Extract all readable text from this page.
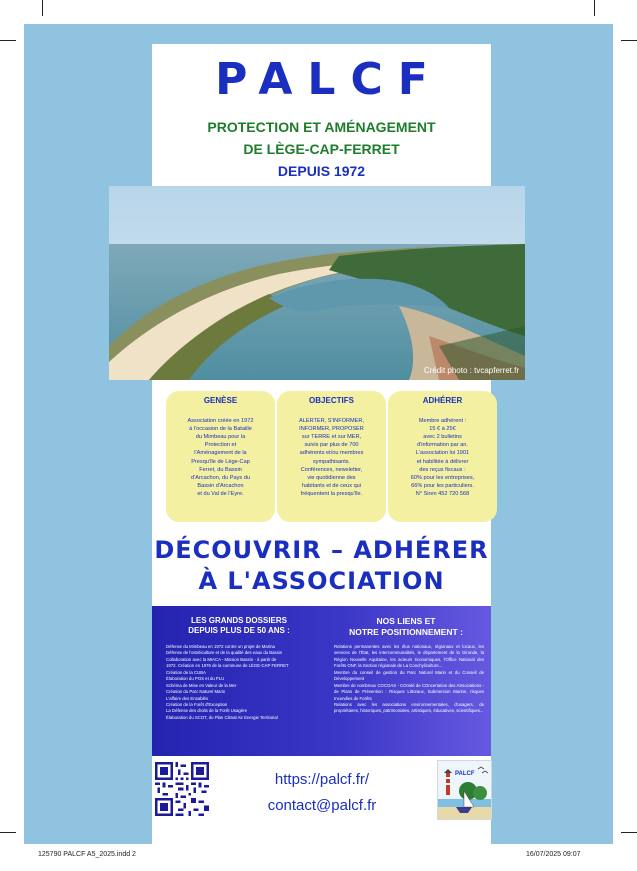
PALCF
PROTECTION ET AMÉNAGEMENT
DE LÈGE-CAP-FERRET
DEPUIS 1972
Crédit photo : tvcapferret.fr
GENÈSE
Association créée en 1972
à l'occasion de la Bataille
du Mimbeau pour la
Protection et
l'Aménagement de la
Presqu'île de Lège-Cap
Ferret, du Bassin
d'Arcachon, du Pays du
Bassin d'Arcachon
et du Val de l'Eyre.
OBJECTIFS
ALERTER, S'INFORMER,
INFORMER, PROPOSER
sur TERRE et sur MER,
suivis par plus de 700
adhérents et/ou membres
sympathisants.
Conférences, newsletter,
vie quotidienne des
habitants et de ceux qui
fréquentent la presqu'île.
ADHÉRER
Membre adhérent :
15 € à 25€
avec 2 bulletins
d'information par an.
L'association loi 1901
et habilitée à délivrer
des reçus fiscaux :
60% pour les entreprises,
66% pour les particuliers.
N° Siren 452 720 568
DÉCOUVRIR – ADHÉRER
À L'ASSOCIATION
LES GRANDS DOSSIERS
DEPUIS PLUS DE 50 ANS :
Défense du Mimbeau en 1972 contre un projet de Marina
Défense de l'ostréiculture et de la qualité des eaux du Bassin
Collaboration avec la MIACA - Mission Bassin - à partir de
1972. Création en 1976 de la commune de LÈGE-CAP FERRET
Création de la CUBA
Élaboration du POS et du PLU
Schéma de Mise en Valeur de la Mer
Création du Parc Naturel Marin
L'affaire des Ensablés
Création de la Forêt d'Exception
La Défense des droits de la Forêt Usagère
Élaboration du SCOT, du Plan Climat Air Energie Territorial
NOS LIENS ET
NOTRE POSITIONNEMENT :
Relations permanentes avec les élus nationaux, régionaux et locaux, les services de l'État, les intercommunalités, le département de la Gironde, la Région Nouvelle Aquitaine, les acteurs économiques, l'Office National des Forêts ONF, la Section régionale de La Conchyliculture...
Membre du conseil de gestion du Parc Naturel Marin et du Conseil de Développement
Membre de nombreux COCOAS - COmité de COncertation des ASsociations - de Plans de Prévention : Risques Littoraux, Submersion Marine, risques Incendies de Forêts
Relations avec les associations environnementales, d'usagers, de propriétaires, historiques, patrimoniales, artistiques, éducatives, scientifiques...
https://palcf.fr/
contact@palcf.fr
PALCF
125790 PALCF A5_2025.indd 2	16/07/2025 09:07
